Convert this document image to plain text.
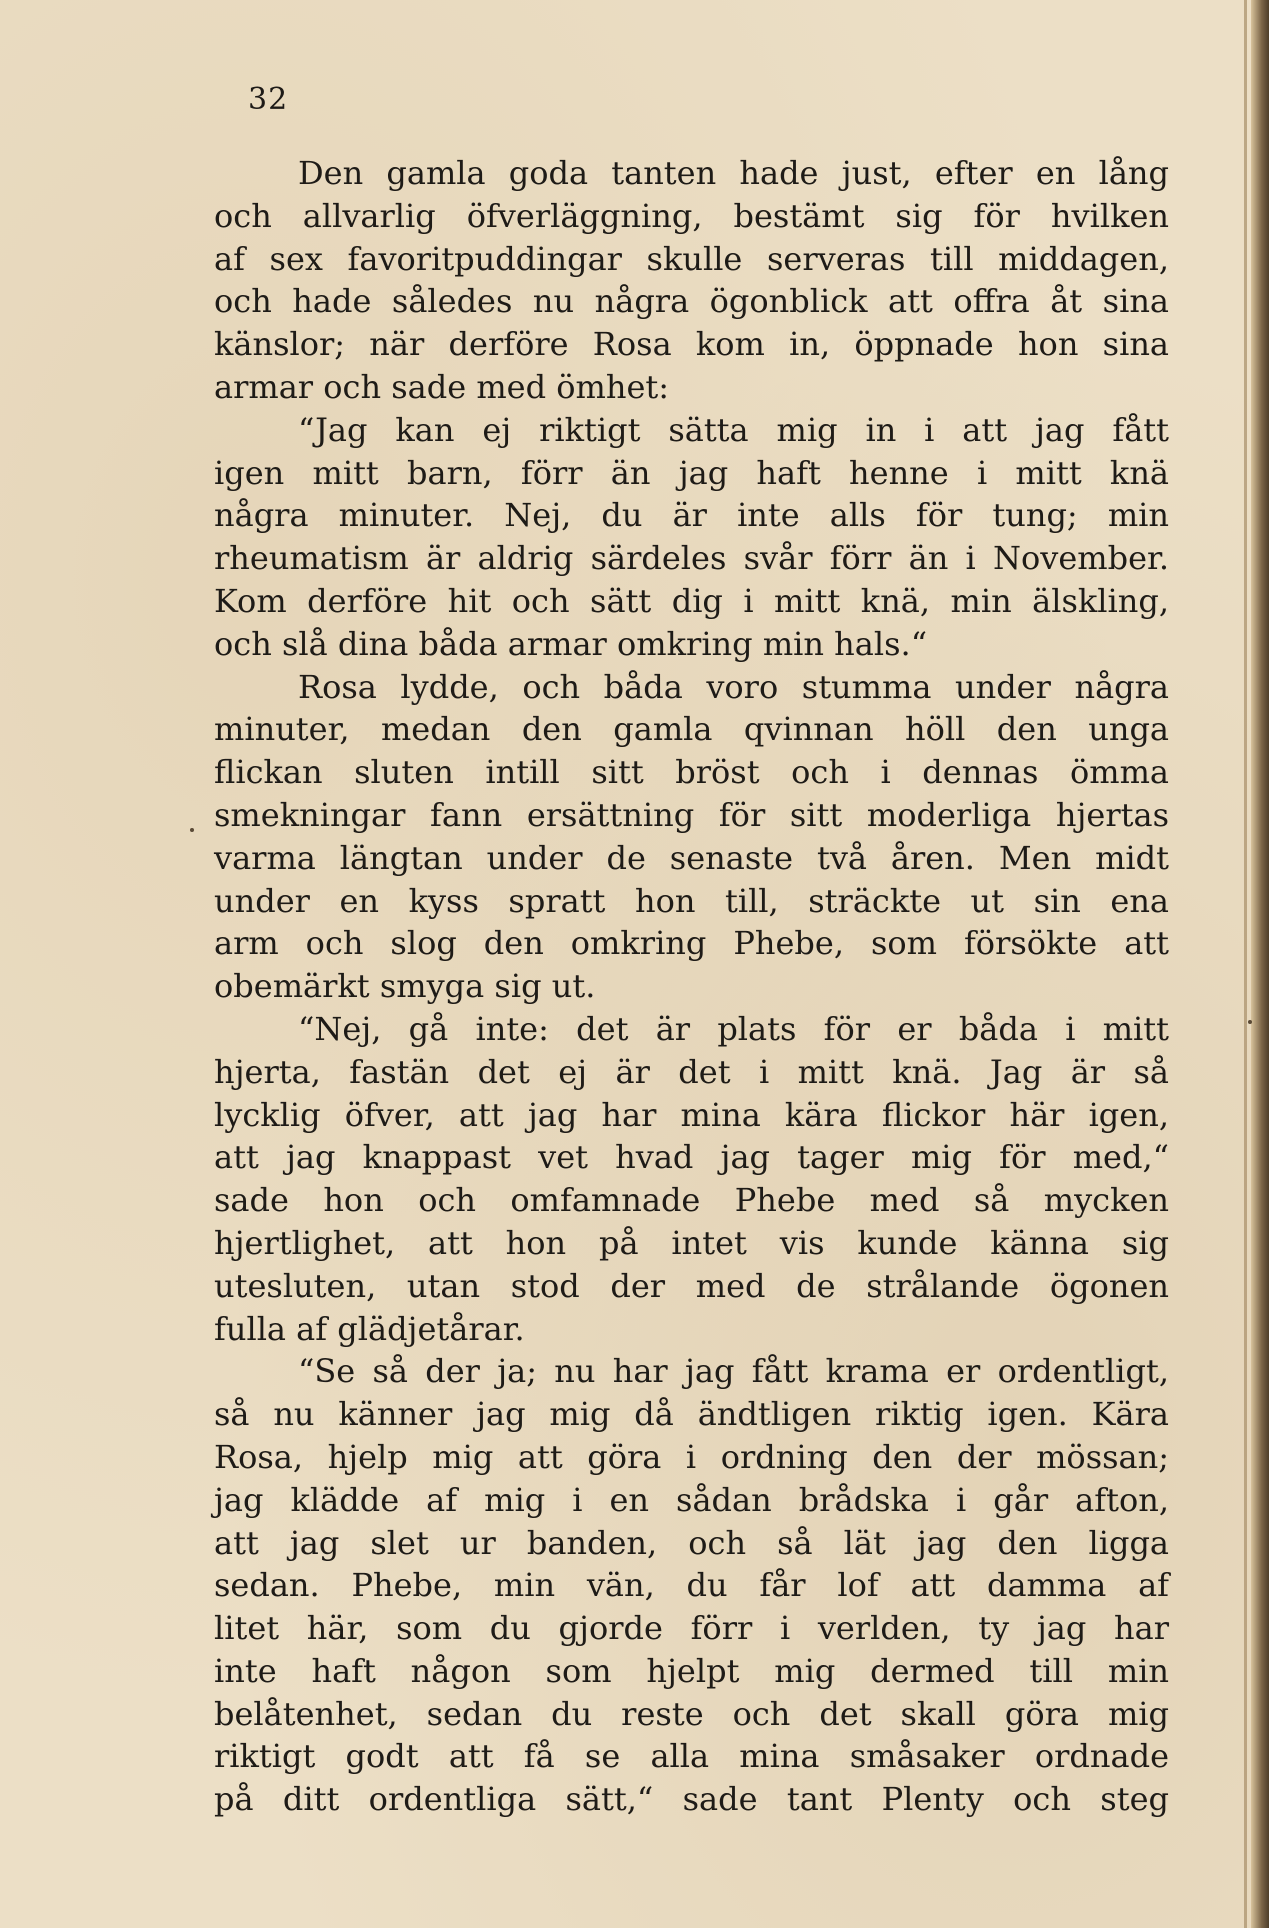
32
Den gamla goda tanten hade just, efter en lång
och allvarlig öfverläggning, bestämt sig för hvilken
af sex favoritpuddingar skulle serveras till middagen,
och hade således nu några ögonblick att offra åt sina
känslor; när derföre Rosa kom in, öppnade hon sina
armar och sade med ömhet:
“Jag kan ej riktigt sätta mig in i att jag fått
igen mitt barn, förr än jag haft henne i mitt knä
några minuter. Nej, du är inte alls för tung; min
rheumatism är aldrig särdeles svår förr än i November.
Kom derföre hit och sätt dig i mitt knä, min älskling,
och slå dina båda armar omkring min hals.“
Rosa lydde, och båda voro stumma under några
minuter, medan den gamla qvinnan höll den unga
flickan sluten intill sitt bröst och i dennas ömma
smekningar fann ersättning för sitt moderliga hjertas
varma längtan under de senaste två åren. Men midt
under en kyss spratt hon till, sträckte ut sin ena
arm och slog den omkring Phebe, som försökte att
obemärkt smyga sig ut.
“Nej, gå inte: det är plats för er båda i mitt
hjerta, fastän det ej är det i mitt knä. Jag är så
lycklig öfver, att jag har mina kära flickor här igen,
att jag knappast vet hvad jag tager mig för med,“
sade hon och omfamnade Phebe med så mycken
hjertlighet, att hon på intet vis kunde känna sig
utesluten, utan stod der med de strålande ögonen
fulla af glädjetårar.
“Se så der ja; nu har jag fått krama er ordentligt,
så nu känner jag mig då ändtligen riktig igen. Kära
Rosa, hjelp mig att göra i ordning den der mössan;
jag klädde af mig i en sådan brådska i går afton,
att jag slet ur banden, och så lät jag den ligga
sedan. Phebe, min vän, du får lof att damma af
litet här, som du gjorde förr i verlden, ty jag har
inte haft någon som hjelpt mig dermed till min
belåtenhet, sedan du reste och det skall göra mig
riktigt godt att få se alla mina småsaker ordnade
på ditt ordentliga sätt,“ sade tant Plenty och steg
